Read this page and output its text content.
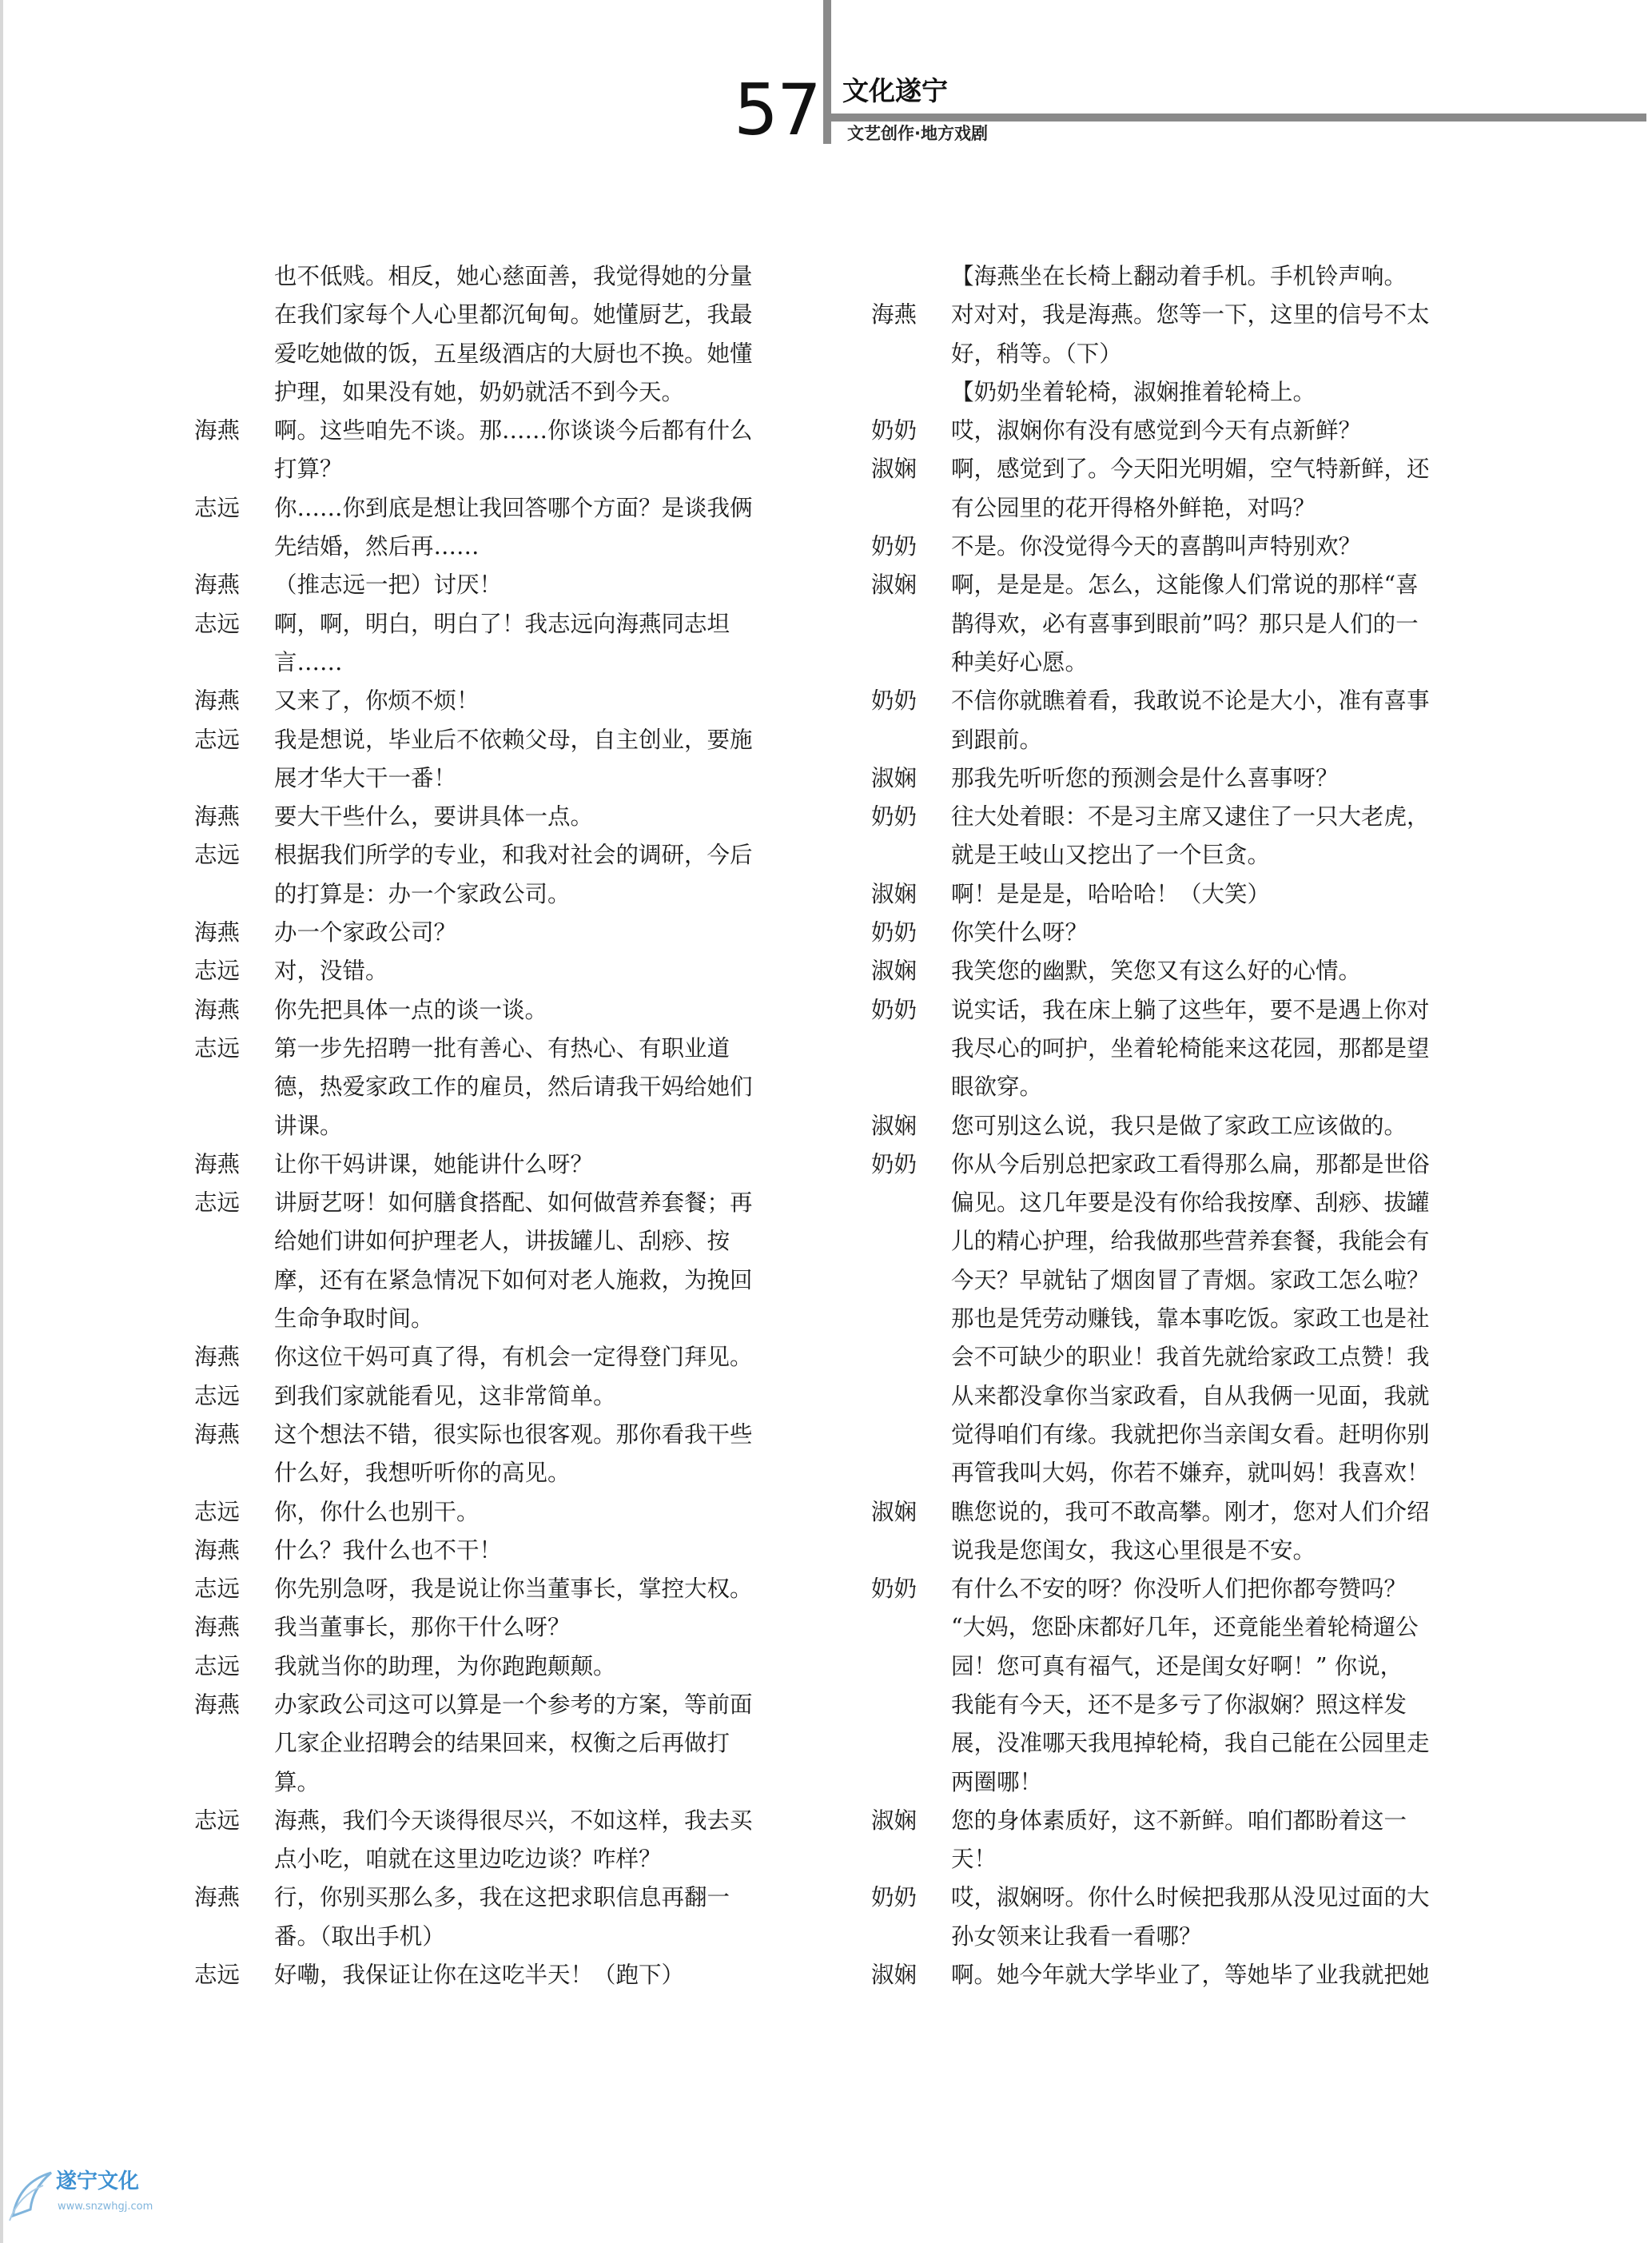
57 文化遂宁
文艺创作·地方戏剧
也不低贱。相反，她心慈面善，我觉得她的分量
在我们家每个人心里都沉甸甸。她懂厨艺，我最
爱吃她做的饭，五星级酒店的大厨也不换。她懂
护理，如果没有她，奶奶就活不到今天。
海燕	啊。这些咱先不谈。那……你谈谈今后都有什么
打算？
志远	你……你到底是想让我回答哪个方面？是谈我俩
先结婚，然后再……
海燕	（推志远一把）讨厌！
志远	啊，啊，明白，明白了！我志远向海燕同志坦
言……
海燕	又来了，你烦不烦！
志远	我是想说，毕业后不依赖父母，自主创业，要施
展才华大干一番！
海燕	要大干些什么，要讲具体一点。
志远	根据我们所学的专业，和我对社会的调研，今后
的打算是：办一个家政公司。
海燕	办一个家政公司？
志远	对，没错。
海燕	你先把具体一点的谈一谈。
志远	第一步先招聘一批有善心、有热心、有职业道
德，热爱家政工作的雇员，然后请我干妈给她们
讲课。
海燕	让你干妈讲课，她能讲什么呀？
志远	讲厨艺呀！如何膳食搭配、如何做营养套餐；再
给她们讲如何护理老人，讲拔罐儿、刮痧、按
摩，还有在紧急情况下如何对老人施救，为挽回
生命争取时间。
海燕	你这位干妈可真了得，有机会一定得登门拜见。
志远	到我们家就能看见，这非常简单。
海燕	这个想法不错，很实际也很客观。那你看我干些
什么好，我想听听你的高见。
志远	你，你什么也别干。
海燕	什么？我什么也不干！
志远	你先别急呀，我是说让你当董事长，掌控大权。
海燕	我当董事长，那你干什么呀？
志远	我就当你的助理，为你跑跑颠颠。
海燕	办家政公司这可以算是一个参考的方案，等前面
几家企业招聘会的结果回来，权衡之后再做打
算。
志远	海燕，我们今天谈得很尽兴，不如这样，我去买
点小吃，咱就在这里边吃边谈？咋样？
海燕	行，你别买那么多，我在这把求职信息再翻一
番。（取出手机）
志远	好嘞，我保证让你在这吃半天！（跑下）
【海燕坐在长椅上翻动着手机。手机铃声响。
海燕	对对对，我是海燕。您等一下，这里的信号不太
好，稍等。（下）
【奶奶坐着轮椅，淑娴推着轮椅上。
奶奶	哎，淑娴你有没有感觉到今天有点新鲜？
淑娴	啊，感觉到了。今天阳光明媚，空气特新鲜，还
有公园里的花开得格外鲜艳，对吗？
奶奶	不是。你没觉得今天的喜鹊叫声特别欢？
淑娴	啊，是是是。怎么，这能像人们常说的那样“喜
鹊得欢，必有喜事到眼前”吗？那只是人们的一
种美好心愿。
奶奶	不信你就瞧着看，我敢说不论是大小，准有喜事
到跟前。
淑娴	那我先听听您的预测会是什么喜事呀？
奶奶	往大处着眼：不是习主席又逮住了一只大老虎，
就是王岐山又挖出了一个巨贪。
淑娴	啊！是是是，哈哈哈！（大笑）
奶奶	你笑什么呀？
淑娴	我笑您的幽默，笑您又有这么好的心情。
奶奶	说实话，我在床上躺了这些年，要不是遇上你对
我尽心的呵护，坐着轮椅能来这花园，那都是望
眼欲穿。
淑娴	您可别这么说，我只是做了家政工应该做的。
奶奶	你从今后别总把家政工看得那么扁，那都是世俗
偏见。这几年要是没有你给我按摩、刮痧、拔罐
儿的精心护理，给我做那些营养套餐，我能会有
今天？早就钻了烟囱冒了青烟。家政工怎么啦？
那也是凭劳动赚钱，靠本事吃饭。家政工也是社
会不可缺少的职业！我首先就给家政工点赞！我
从来都没拿你当家政看，自从我俩一见面，我就
觉得咱们有缘。我就把你当亲闺女看。赶明你别
再管我叫大妈，你若不嫌弃，就叫妈！我喜欢！
淑娴	瞧您说的，我可不敢高攀。刚才，您对人们介绍
说我是您闺女，我这心里很是不安。
奶奶	有什么不安的呀？你没听人们把你都夸赞吗？
“大妈，您卧床都好几年，还竟能坐着轮椅遛公
园！您可真有福气，还是闺女好啊！” 你说，
我能有今天，还不是多亏了你淑娴？照这样发
展，没准哪天我甩掉轮椅，我自己能在公园里走
两圈哪！
淑娴	您的身体素质好，这不新鲜。咱们都盼着这一
天！
奶奶	哎，淑娴呀。你什么时候把我那从没见过面的大
孙女领来让我看一看哪？
淑娴	啊。她今年就大学毕业了，等她毕了业我就把她
遂宁文化
www.snzwhgj.com
